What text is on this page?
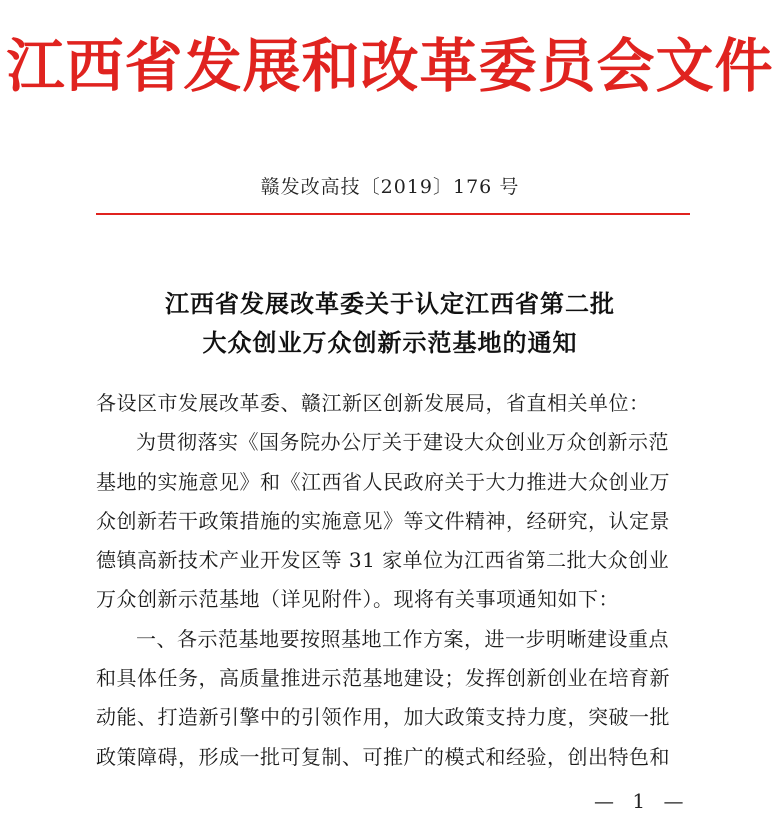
江西省发展和改革委员会文件
赣发改高技〔2019〕176 号
江西省发展改革委关于认定江西省第二批
大众创业万众创新示范基地的通知
各设区市发展改革委、赣江新区创新发展局，省直相关单位：
为贯彻落实《国务院办公厅关于建设大众创业万众创新示范
基地的实施意见》和《江西省人民政府关于大力推进大众创业万
众创新若干政策措施的实施意见》等文件精神，经研究，认定景
德镇高新技术产业开发区等 31 家单位为江西省第二批大众创业
万众创新示范基地（详见附件）。现将有关事项通知如下：
一、各示范基地要按照基地工作方案，进一步明晰建设重点
和具体任务，高质量推进示范基地建设；发挥创新创业在培育新
动能、打造新引擎中的引领作用，加大政策支持力度，突破一批
政策障碍，形成一批可复制、可推广的模式和经验，创出特色和
— 1 —
